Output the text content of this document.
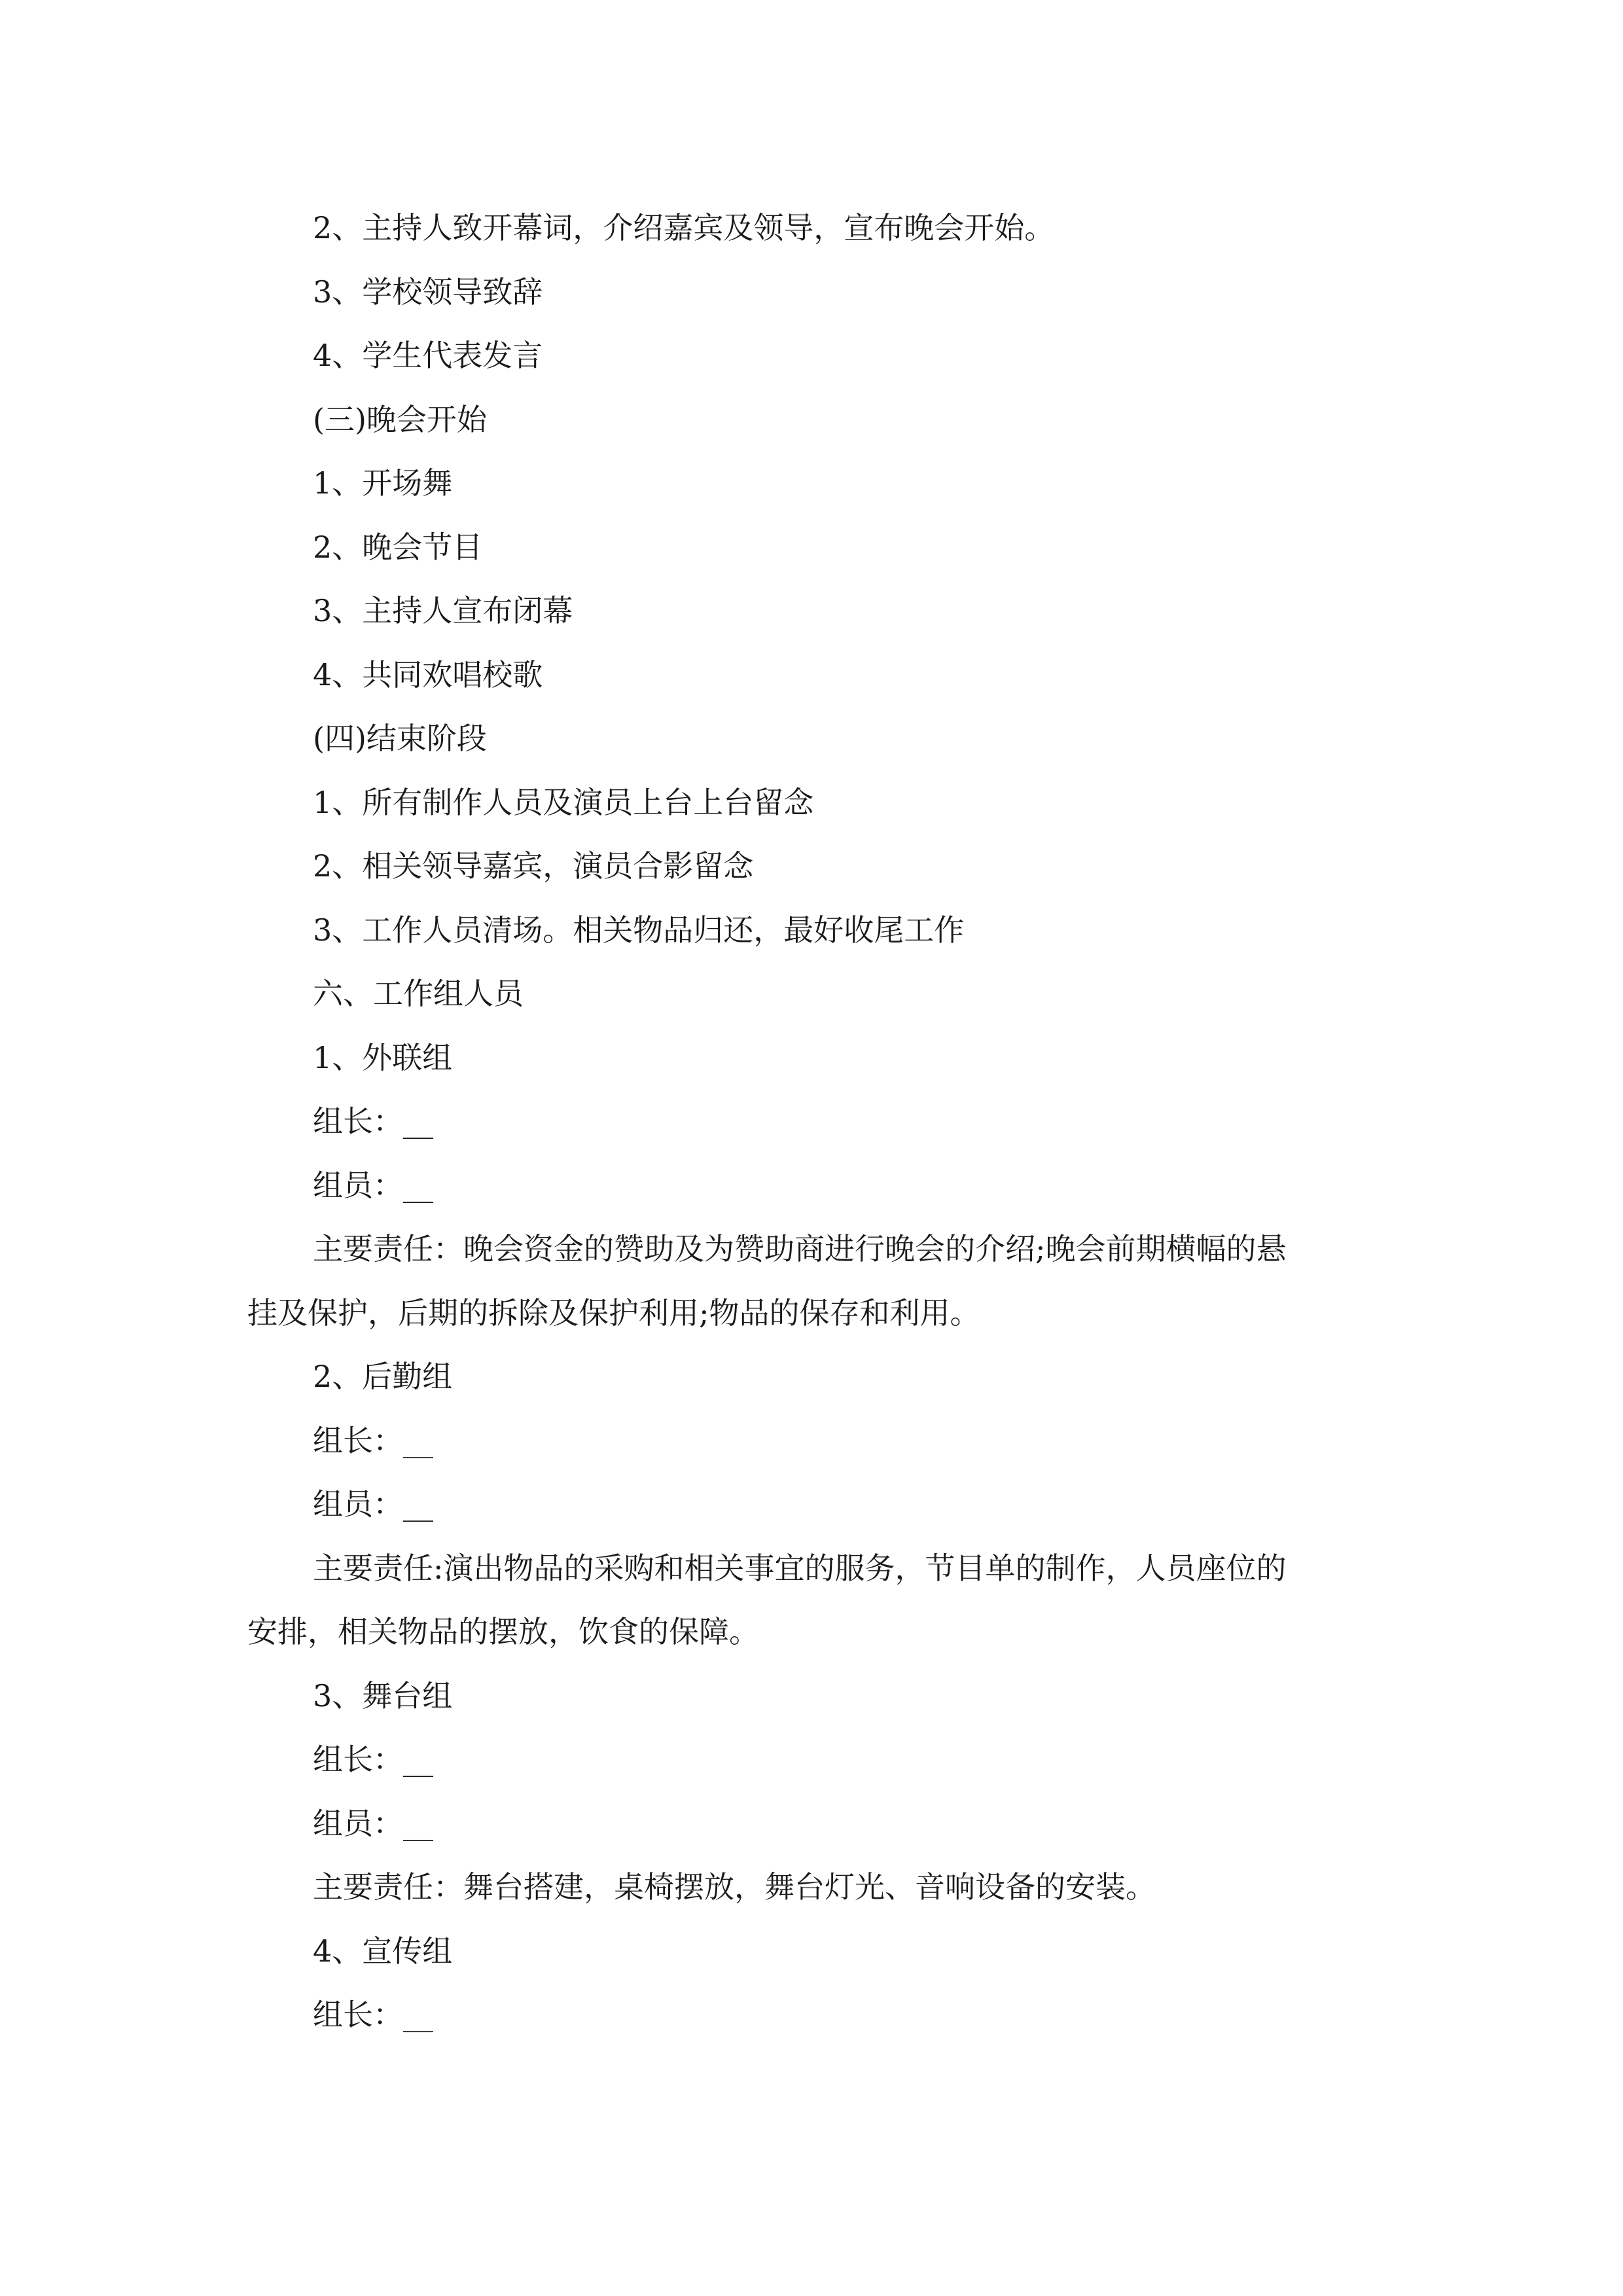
2、主持人致开幕词，介绍嘉宾及领导，宣布晚会开始。
3、学校领导致辞
4、学生代表发言
(三)晚会开始
1、开场舞
2、晚会节目
3、主持人宣布闭幕
4、共同欢唱校歌
(四)结束阶段
1、所有制作人员及演员上台上台留念
2、相关领导嘉宾，演员合影留念
3、工作人员清场。相关物品归还，最好收尾工作
六、工作组人员
1、外联组
组长：__
组员：__
主要责任：晚会资金的赞助及为赞助商进行晚会的介绍;晚会前期横幅的悬
挂及保护，后期的拆除及保护利用;物品的保存和利用。
2、后勤组
组长：__
组员：__
主要责任:演出物品的采购和相关事宜的服务，节目单的制作，人员座位的
安排，相关物品的摆放，饮食的保障。
3、舞台组
组长：__
组员：__
主要责任：舞台搭建，桌椅摆放，舞台灯光、音响设备的安装。
4、宣传组
组长：__
